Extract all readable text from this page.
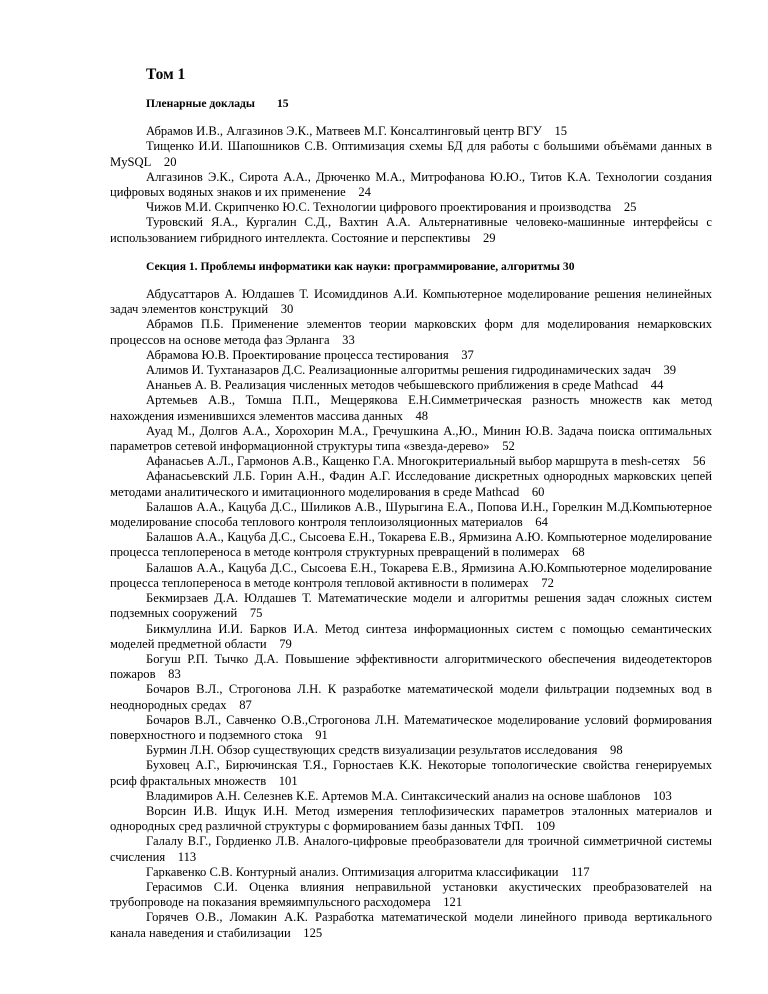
Том 1
Пленарные доклады 15

Абрамов И.В., Алгазинов Э.К., Матвеев М.Г. Консалтинговый центр ВГУ  15

Тищенко И.И. Шапошников С.В. Оптимизация схемы БД для работы с большими объёмами данных в MySQL  20

Алгазинов Э.К., Сирота А.А., Дрюченко М.А., Митрофанова Ю.Ю., Титов К.А. Технологии создания цифровых водяных знаков и их применение  24

Чижов М.И. Скрипченко Ю.С. Технологии цифрового проектирования и производства  25

Туровский Я.А., Кургалин С.Д., Вахтин А.А. Альтернативные человеко-машинные интерфейсы с использованием гибридного интеллекта. Состояние и перспективы  29

Секция 1. Проблемы информатики как науки: программирование, алгоритмы 30

Абдусаттаров А. Юлдашев Т. Исомиддинов А.И. Компьютерное моделирование решения нелинейных задач элементов конструкций  30

Абрамов П.Б. Применение элементов теории марковских форм для моделирования немарковских процессов на основе метода фаз Эрланга  33

Абрамова Ю.В. Проектирование процесса тестирования  37

Алимов И. Тухтаназаров Д.С. Реализационные алгоритмы решения гидродинамических задач  39

Ананьев А. В. Реализация численных методов чебышевского приближения в среде Mathcad  44

Артемьев А.В., Томша П.П., Мещерякова Е.Н.Симметрическая разность множеств как метод нахождения изменившихся элементов массива данных  48

Ауад М., Долгов А.А., Хорохорин М.А., Гречушкина А.,Ю., Минин Ю.В. Задача поиска оптимальных параметров сетевой информационной структуры типа «звезда-дерево»  52

Афанасьев А.Л., Гармонов А.В., Кащенко Г.А. Многокритериальный выбор маршрута в mesh-сетях  56

Афанасьевский Л.Б. Горин А.Н., Фадин А.Г. Исследование дискретных однородных марковских цепей методами аналитического и имитационного моделирования в среде Mathcad  60

Балашов А.А., Кацуба Д.С., Шиликов А.В., Шурыгина Е.А., Попова И.Н., Горелкин М.Д.Компьютерное моделирование способа теплового контроля теплоизоляционных материалов  64

Балашов А.А., Кацуба Д.С., Сысоева Е.Н., Токарева Е.В., Ярмизина А.Ю. Компьютерное моделирование процесса теплопереноса в методе контроля структурных превращений в полимерах  68

Балашов А.А., Кацуба Д.С., Сысоева Е.Н., Токарева Е.В., Ярмизина А.Ю.Компьютерное моделирование процесса теплопереноса в методе контроля тепловой активности в полимерах  72

Бекмирзаев Д.А. Юлдашев Т. Математические модели и алгоритмы решения задач сложных систем подземных сооружений  75

Бикмуллина И.И. Барков И.А. Метод синтеза информационных систем с помощью семантических моделей предметной области  79

Богуш Р.П. Тычко Д.А. Повышение эффективности алгоритмического обеспечения видеодетекторов пожаров  83

Бочаров В.Л., Строгонова Л.Н. К разработке математической модели фильтрации подземных вод в неоднородных средах  87

Бочаров В.Л., Савченко О.В.,Строгонова Л.Н. Математическое моделирование условий формирования поверхностного и подземного стока  91

Бурмин Л.Н. Обзор существующих средств визуализации результатов исследования  98

Буховец А.Г., Бирючинская Т.Я., Горностаев К.К. Некоторые топологические свойства генерируемых рсиф фрактальных множеств  101

Владимиров А.Н. Селезнев К.Е. Артемов М.А. Синтаксический анализ на основе шаблонов  103

Ворсин И.В. Ищук И.Н. Метод измерения теплофизических параметров эталонных материалов и однородных сред различной структуры с формированием базы данных ТФП.  109

Галалу В.Г., Гордиенко Л.В. Аналого-цифровые преобразователи для троичной симметричной системы счисления  113

Гаркавенко С.В. Контурный анализ. Оптимизация алгоритма классификации  117

Герасимов С.И. Оценка влияния неправильной установки акустических преобразователей на трубопроводе на показания времяимпульсного расходомера  121

Горячев О.В., Ломакин А.К. Разработка математической модели линейного привода вертикального канала наведения и стабилизации  125
